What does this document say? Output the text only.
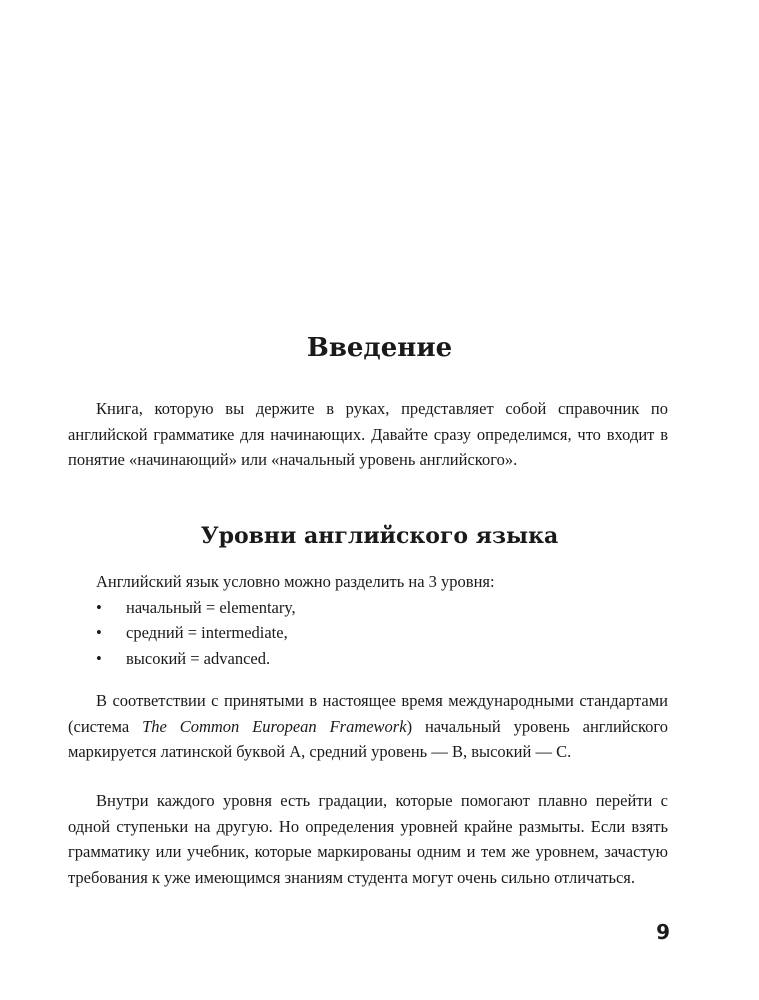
Введение

Книга, которую вы держите в руках, представляет собой справочник по английской грамматике для начинающих. Давайте сразу определимся, что входит в понятие «начинающий» или «начальный уровень английского».

Уровни английского языка
Английский язык условно можно разделить на 3 уровня:
• начальный = elementary,
• средний = intermediate,
• высокий = advanced.

В соответствии с принятыми в настоящее время международными стандартами (система The Common European Framework) начальный уровень английского маркируется латинской буквой A, средний уровень — B, высокий — C.

Внутри каждого уровня есть градации, которые помогают плавно перейти с одной ступеньки на другую. Но определения уровней крайне размыты. Если взять грамматику или учебник, которые маркированы одним и тем же уровнем, зачастую требования к уже имеющимся знаниям студента могут очень сильно отличаться.

9
